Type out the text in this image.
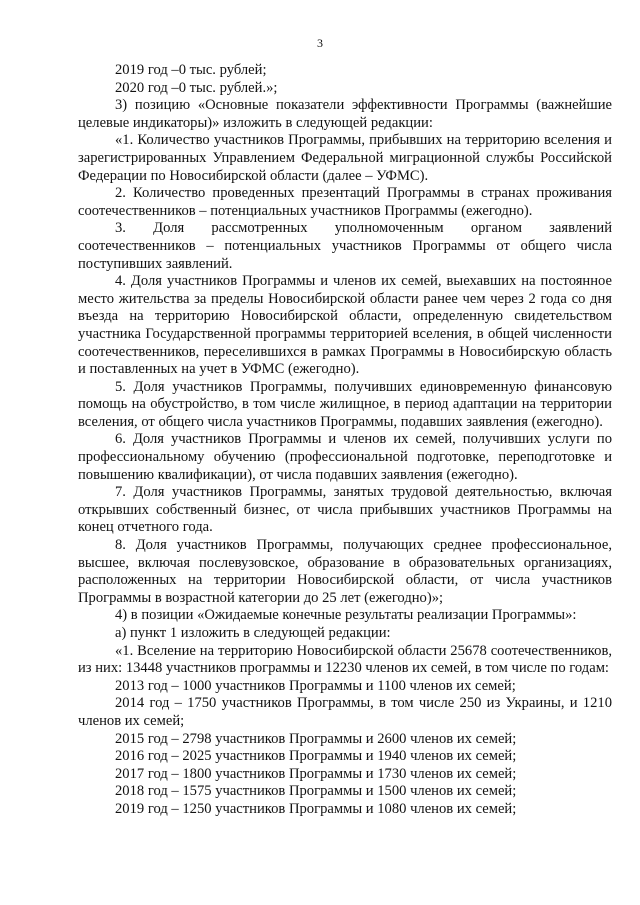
3

2019 год –0 тыс. рублей;

2020 год –0 тыс. рублей.»;

3) позицию «Основные показатели эффективности Программы (важнейшие целевые индикаторы)» изложить в следующей редакции:

«1. Количество участников Программы, прибывших на территорию вселения и зарегистрированных Управлением Федеральной миграционной службы Российской Федерации по Новосибирской области (далее – УФМС).

2. Количество проведенных презентаций Программы в странах проживания соотечественников – потенциальных участников Программы (ежегодно).

3. Доля рассмотренных уполномоченным органом заявлений соотечественников – потенциальных участников Программы от общего числа поступивших заявлений.

4. Доля участников Программы и членов их семей, выехавших на постоянное место жительства за пределы Новосибирской области ранее чем через 2 года со дня въезда на территорию Новосибирской области, определенную свидетельством участника Государственной программы территорией вселения, в общей численности соотечественников, переселившихся в рамках Программы в Новосибирскую область и поставленных на учет в УФМС (ежегодно).

5. Доля участников Программы, получивших единовременную финансовую помощь на обустройство, в том числе жилищное, в период адаптации на территории вселения, от общего числа участников Программы, подавших заявления (ежегодно).

6. Доля участников Программы и членов их семей, получивших услуги по профессиональному обучению (профессиональной подготовке, переподготовке и повышению квалификации), от числа подавших заявления (ежегодно).

7. Доля участников Программы, занятых трудовой деятельностью, включая открывших собственный бизнес, от числа прибывших участников Программы на конец отчетного года.

8. Доля участников Программы, получающих среднее профессиональное, высшее, включая послевузовское, образование в образовательных организациях, расположенных на территории Новосибирской области, от числа участников Программы в возрастной категории до 25 лет (ежегодно)»;

4) в позиции «Ожидаемые конечные результаты реализации Программы»:

а) пункт 1 изложить в следующей редакции:

«1. Вселение на территорию Новосибирской области 25678 соотечественников, из них: 13448 участников программы и 12230 членов их семей, в том числе по годам:

2013 год – 1000 участников Программы и 1100 членов их семей;

2014 год – 1750 участников Программы, в том числе 250 из Украины, и 1210 членов их семей;

2015 год – 2798 участников Программы и 2600 членов их семей;

2016 год – 2025 участников Программы и 1940 членов их семей;

2017 год – 1800 участников Программы и 1730 членов их семей;

2018 год – 1575 участников Программы и 1500 членов их семей;

2019 год – 1250 участников Программы и 1080 членов их семей;
